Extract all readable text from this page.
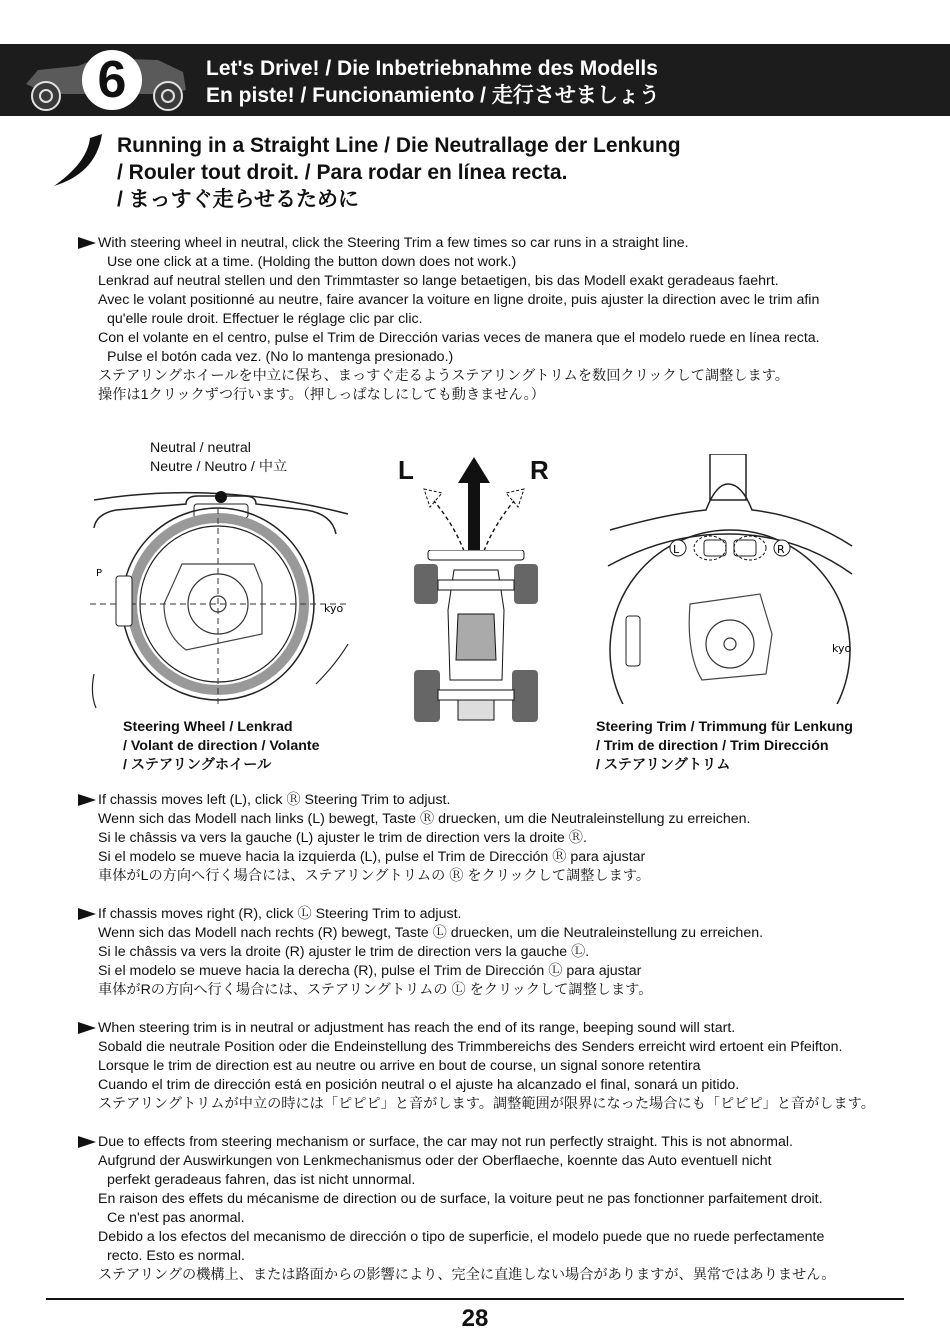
6	Let's Drive! / Die Inbetriebnahme des Modells
En piste! / Funcionamiento / 走行させましょう
Running in a Straight Line / Die Neutrallage der Lenkung
/ Rouler tout droit. / Para rodar en línea recta.
/ まっすぐ走らせるために
With steering wheel in neutral, click the Steering Trim a few times so car runs in a straight line.
Use one click at a time. (Holding the button down does not work.)
Lenkrad auf neutral stellen und den Trimmtaster so lange betaetigen, bis das Modell exakt geradeaus faehrt.
Avec le volant positionné au neutre, faire avancer la voiture en ligne droite, puis ajuster la direction avec le trim afin
qu'elle roule droit. Effectuer le réglage clic par clic.
Con el volante en el centro, pulse el Trim de Dirección varias veces de manera que el modelo ruede en línea recta.
Pulse el botón cada vez. (No lo mantenga presionado.)
ステアリングホイールを中立に保ち、まっすぐ走るようステアリングトリムを数回クリックして調整します。
操作は1クリックずつ行います。（押しっぱなしにしても動きません。）
Neutral / neutral
Neutre / Neutro / 中立
P
kyo
L	R
L	R
kyo
Steering Wheel / Lenkrad
/ Volant de direction / Volante
/ ステアリングホイール
Steering Trim / Trimmung für Lenkung
/ Trim de direction / Trim Dirección
/ ステアリングトリム
If chassis moves left (L), click Ⓡ Steering Trim to adjust.
Wenn sich das Modell nach links (L) bewegt, Taste Ⓡ druecken, um die Neutraleinstellung zu erreichen.
Si le châssis va vers la gauche (L) ajuster le trim de direction vers la droite Ⓡ.
Si el modelo se mueve hacia la izquierda (L), pulse el Trim de Dirección Ⓡ para ajustar
車体がLの方向へ行く場合には、ステアリングトリムの Ⓡ をクリックして調整します。
If chassis moves right (R), click Ⓛ Steering Trim to adjust.
Wenn sich das Modell nach rechts (R) bewegt, Taste Ⓛ druecken, um die Neutraleinstellung zu erreichen.
Si le châssis va vers la droite (R) ajuster le trim de direction vers la gauche Ⓛ.
Si el modelo se mueve hacia la derecha (R), pulse el Trim de Dirección Ⓛ para ajustar
車体がRの方向へ行く場合には、ステアリングトリムの Ⓛ をクリックして調整します。
When steering trim is in neutral or adjustment has reach the end of its range, beeping sound will start.
Sobald die neutrale Position oder die Endeinstellung des Trimmbereichs des Senders erreicht wird ertoent ein Pfeifton.
Lorsque le trim de direction est au neutre ou arrive en bout de course, un signal sonore retentira
Cuando el trim de dirección está en posición neutral o el ajuste ha alcanzado el final, sonará un pitido.
ステアリングトリムが中立の時には「ピピピ」と音がします。調整範囲が限界になった場合にも「ピピピ」と音がします。
Due to effects from steering mechanism or surface, the car may not run perfectly straight. This is not abnormal.
Aufgrund der Auswirkungen von Lenkmechanismus oder der Oberflaeche, koennte das Auto eventuell nicht
perfekt geradeaus fahren, das ist nicht unnormal.
En raison des effets du mécanisme de direction ou de surface, la voiture peut ne pas fonctionner parfaitement droit.
Ce n'est pas anormal.
Debido a los efectos del mecanismo de dirección o tipo de superficie, el modelo puede que no ruede perfectamente
recto. Esto es normal.
ステアリングの機構上、または路面からの影響により、完全に直進しない場合がありますが、異常ではありません。
28
